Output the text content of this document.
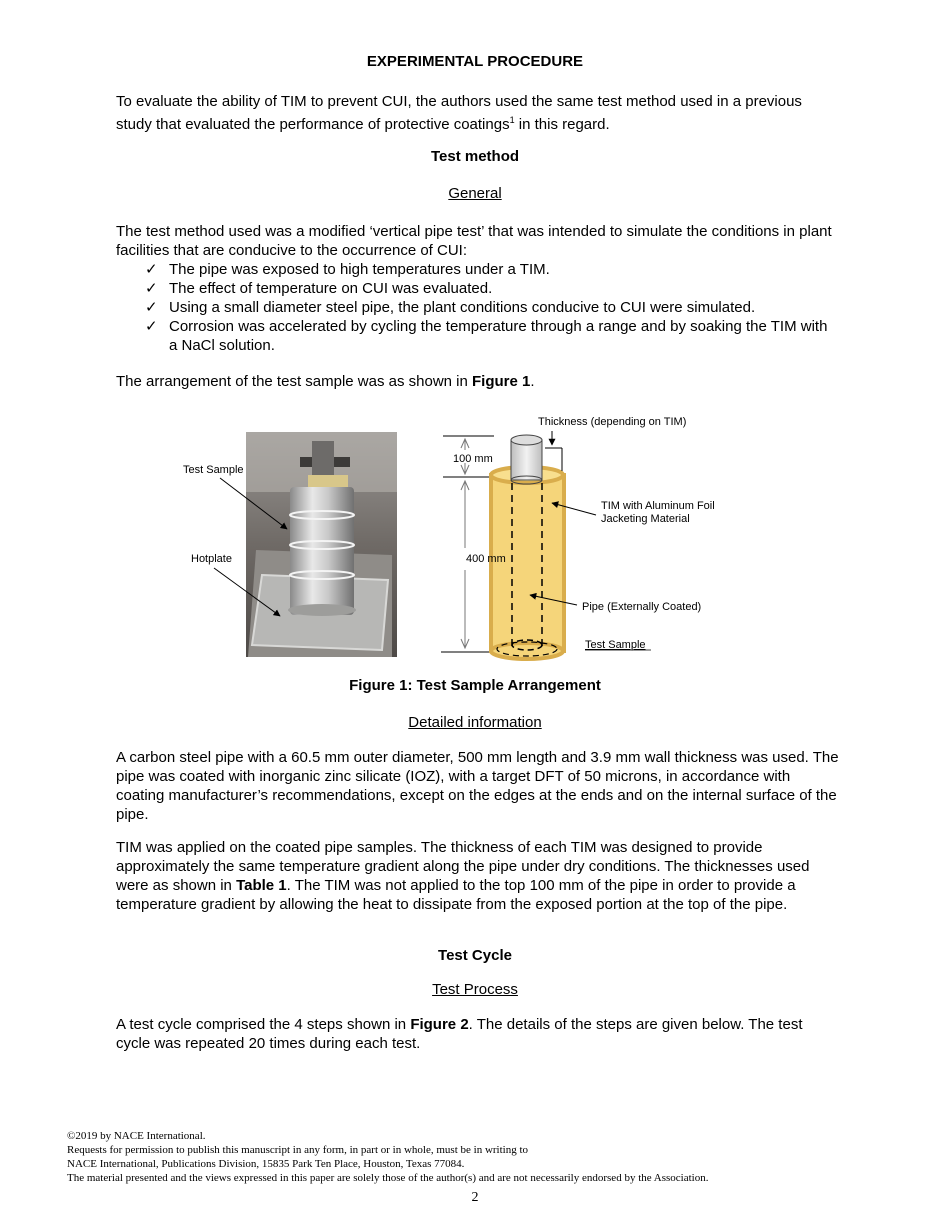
EXPERIMENTAL PROCEDURE

To evaluate the ability of TIM to prevent CUI, the authors used the same test method used in a previous study that evaluated the performance of protective coatings$^1$ in this regard.

Test method
General

The test method used was a modified ‘vertical pipe test’ that was intended to simulate the conditions in plant facilities that are conducive to the occurrence of CUI:

✓ The pipe was exposed to high temperatures under a TIM.
✓ The effect of temperature on CUI was evaluated.
✓ Using a small diameter steel pipe, the plant conditions conducive to CUI were simulated.
✓ Corrosion was accelerated by cycling the temperature through a range and by soaking the TIM with a NaCl solution.

The arrangement of the test sample was as shown in Figure 1.

Test Sample
Hotplate
Thickness (depending on TIM)
100 mm
400 mm
TIM with Aluminum Foil
Jacketing Material
Pipe (Externally Coated)
Test Sample
Figure 1: Test Sample Arrangement
Detailed information

A carbon steel pipe with a 60.5 mm outer diameter, 500 mm length and 3.9 mm wall thickness was used. The pipe was coated with inorganic zinc silicate (IOZ), with a target DFT of 50 microns, in accordance with coating manufacturer’s recommendations, except on the edges at the ends and on the internal surface of the pipe.

TIM was applied on the coated pipe samples. The thickness of each TIM was designed to provide approximately the same temperature gradient along the pipe under dry conditions. The thicknesses used were as shown in Table 1. The TIM was not applied to the top 100 mm of the pipe in order to provide a temperature gradient by allowing the heat to dissipate from the exposed portion at the top of the pipe.

Test Cycle
Test Process

A test cycle comprised the 4 steps shown in Figure 2. The details of the steps are given below. The test cycle was repeated 20 times during each test.

©2019 by NACE International.
Requests for permission to publish this manuscript in any form, in part or in whole, must be in writing to
NACE International, Publications Division, 15835 Park Ten Place, Houston, Texas 77084.
The material presented and the views expressed in this paper are solely those of the author(s) and are not necessarily endorsed by the Association.
2
